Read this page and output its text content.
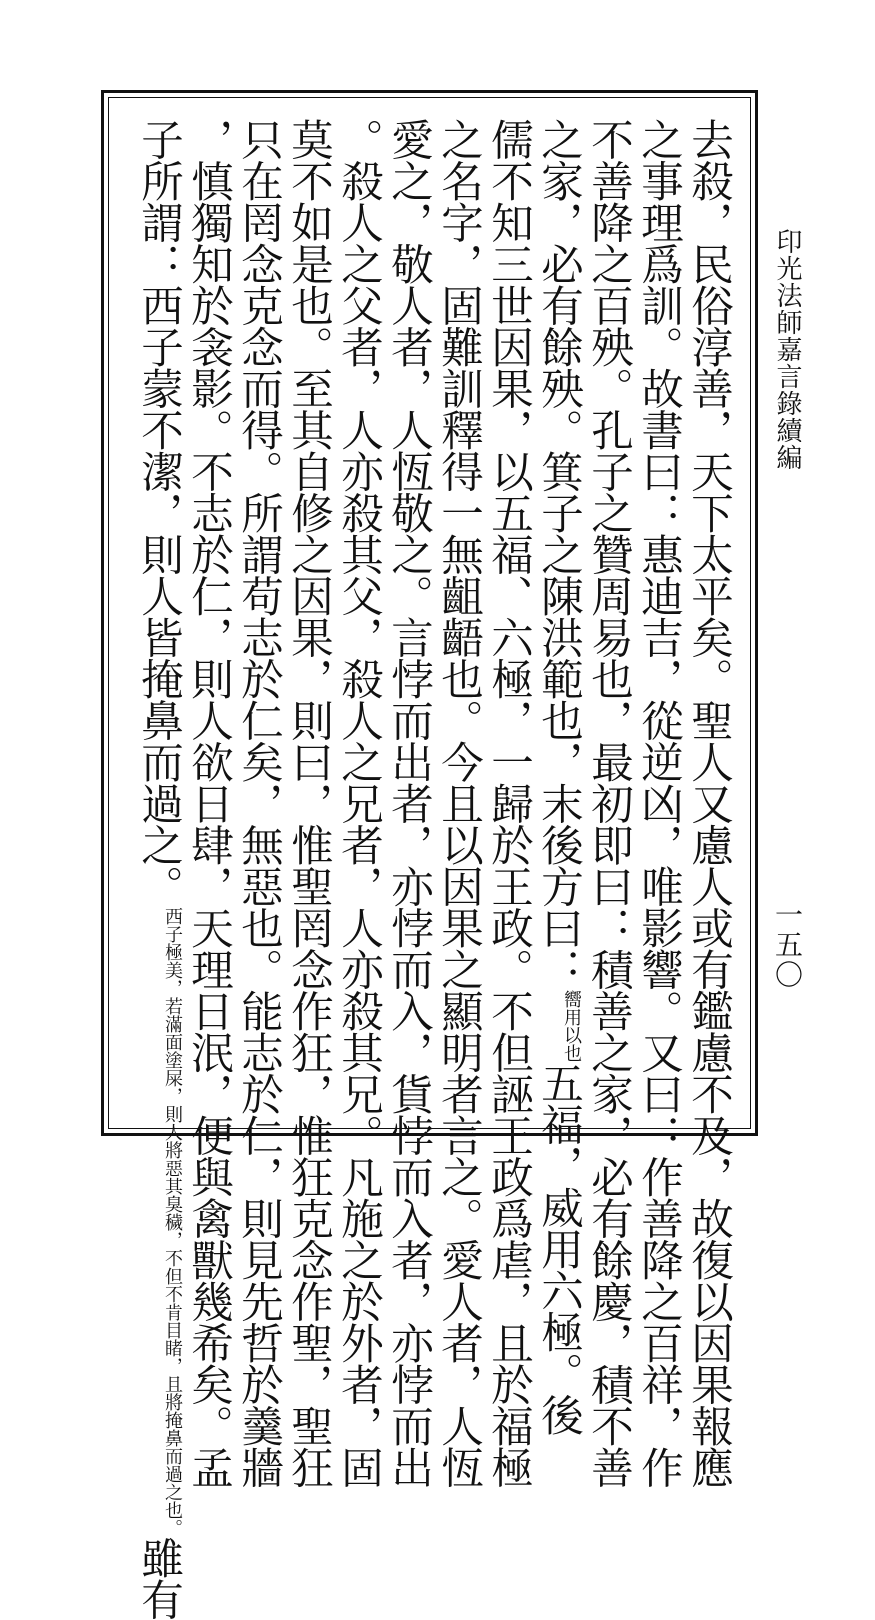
印光法師嘉言錄續編
一五〇
去殺，民俗淳善，天下太平矣。聖人又慮人或有鑑慮不及，故復以因果報應
之事理爲訓。故書曰：惠迪吉，從逆凶，唯影響。又曰：作善降之百祥，作
不善降之百殃。孔子之贊周易也，最初即曰：積善之家，必有餘慶，積不善
之家，必有餘殃。箕子之陳洪範也，末後方曰：嚮用以也五福，威用六極。後
儒不知三世因果，以五福、六極，一歸於王政。不但誣王政爲虐，且於福極
之名字，固難訓釋得一無齟齬也。今且以因果之顯明者言之。愛人者，人恆
愛之，敬人者，人恆敬之。言悖而出者，亦悖而入，貨悖而入者，亦悖而出
。殺人之父者，人亦殺其父，殺人之兄者，人亦殺其兄。凡施之於外者，固
莫不如是也。至其自修之因果，則曰，惟聖罔念作狂，惟狂克念作聖，聖狂
只在罔念克念而得。所謂苟志於仁矣，無惡也。能志於仁，則見先哲於羹牆
，慎獨知於衾影。不志於仁，則人欲日肆，天理日泯，便與禽獸幾希矣。孟
子所謂：西子蒙不潔，則人皆掩鼻而過之。西子極美，若滿面塗屎，則人將惡其臭穢，不但不肯目睹，且將掩鼻而過之也。雖有
